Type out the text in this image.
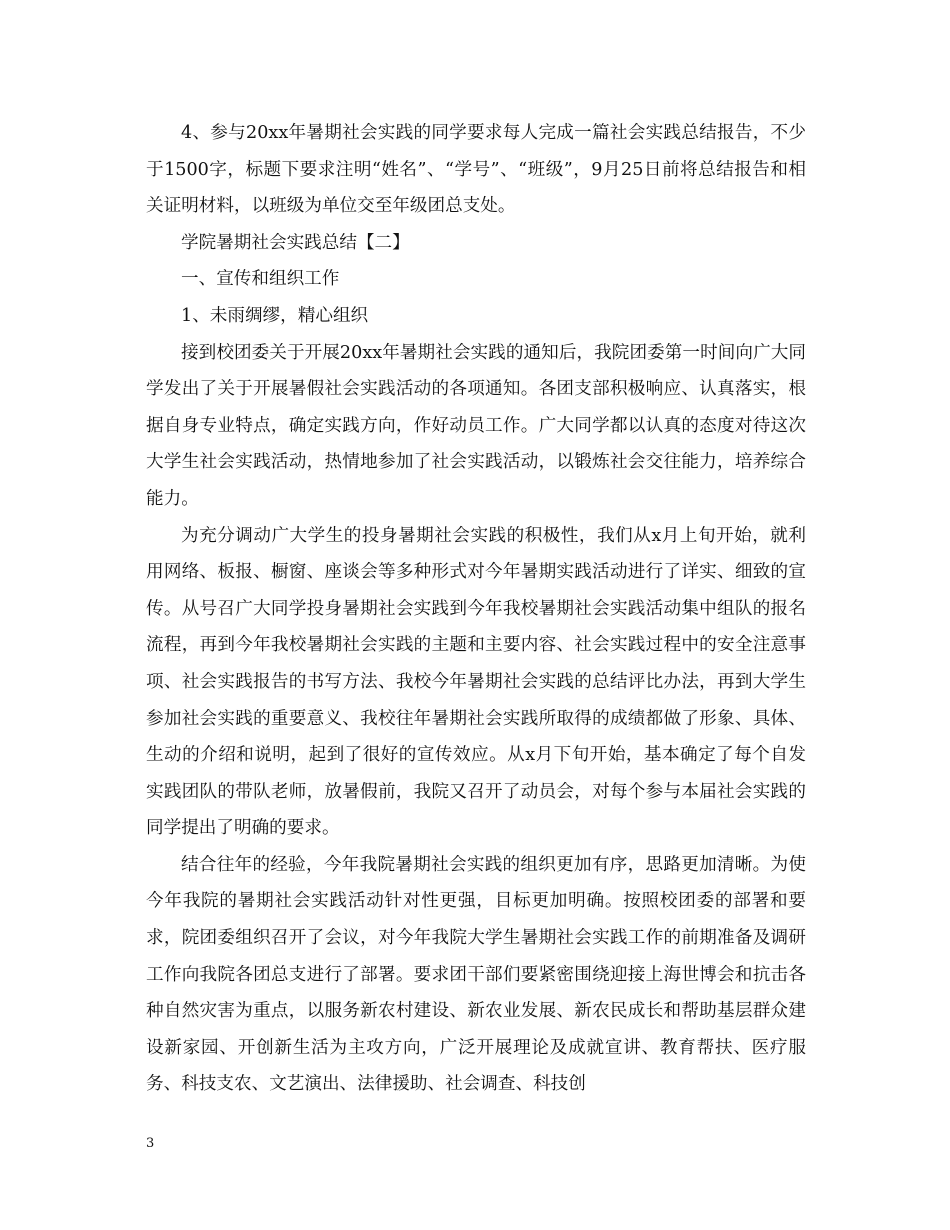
4、参与20xx年暑期社会实践的同学要求每人完成一篇社会实践总结报告，不少于1500字，标题下要求注明“姓名”、“学号”、“班级”，9月25日前将总结报告和相关证明材料，以班级为单位交至年级团总支处。

学院暑期社会实践总结【二】

一、宣传和组织工作

1、未雨绸缪，精心组织

接到校团委关于开展20xx年暑期社会实践的通知后，我院团委第一时间向广大同学发出了关于开展暑假社会实践活动的各项通知。各团支部积极响应、认真落实，根据自身专业特点，确定实践方向，作好动员工作。广大同学都以认真的态度对待这次大学生社会实践活动，热情地参加了社会实践活动，以锻炼社会交往能力，培养综合能力。

为充分调动广大学生的投身暑期社会实践的积极性，我们从x月上旬开始，就利用网络、板报、橱窗、座谈会等多种形式对今年暑期实践活动进行了详实、细致的宣传。从号召广大同学投身暑期社会实践到今年我校暑期社会实践活动集中组队的报名流程，再到今年我校暑期社会实践的主题和主要内容、社会实践过程中的安全注意事项、社会实践报告的书写方法、我校今年暑期社会实践的总结评比办法，再到大学生参加社会实践的重要意义、我校往年暑期社会实践所取得的成绩都做了形象、具体、生动的介绍和说明，起到了很好的宣传效应。从x月下旬开始，基本确定了每个自发实践团队的带队老师，放暑假前，我院又召开了动员会，对每个参与本届社会实践的同学提出了明确的要求。

结合往年的经验，今年我院暑期社会实践的组织更加有序，思路更加清晰。为使今年我院的暑期社会实践活动针对性更强，目标更加明确。按照校团委的部署和要求，院团委组织召开了会议，对今年我院大学生暑期社会实践工作的前期准备及调研工作向我院各团总支进行了部署。要求团干部们要紧密围绕迎接上海世博会和抗击各种自然灾害为重点，以服务新农村建设、新农业发展、新农民成长和帮助基层群众建设新家园、开创新生活为主攻方向，广泛开展理论及成就宣讲、教育帮扶、医疗服务、科技支农、文艺演出、法律援助、社会调查、科技创

3
